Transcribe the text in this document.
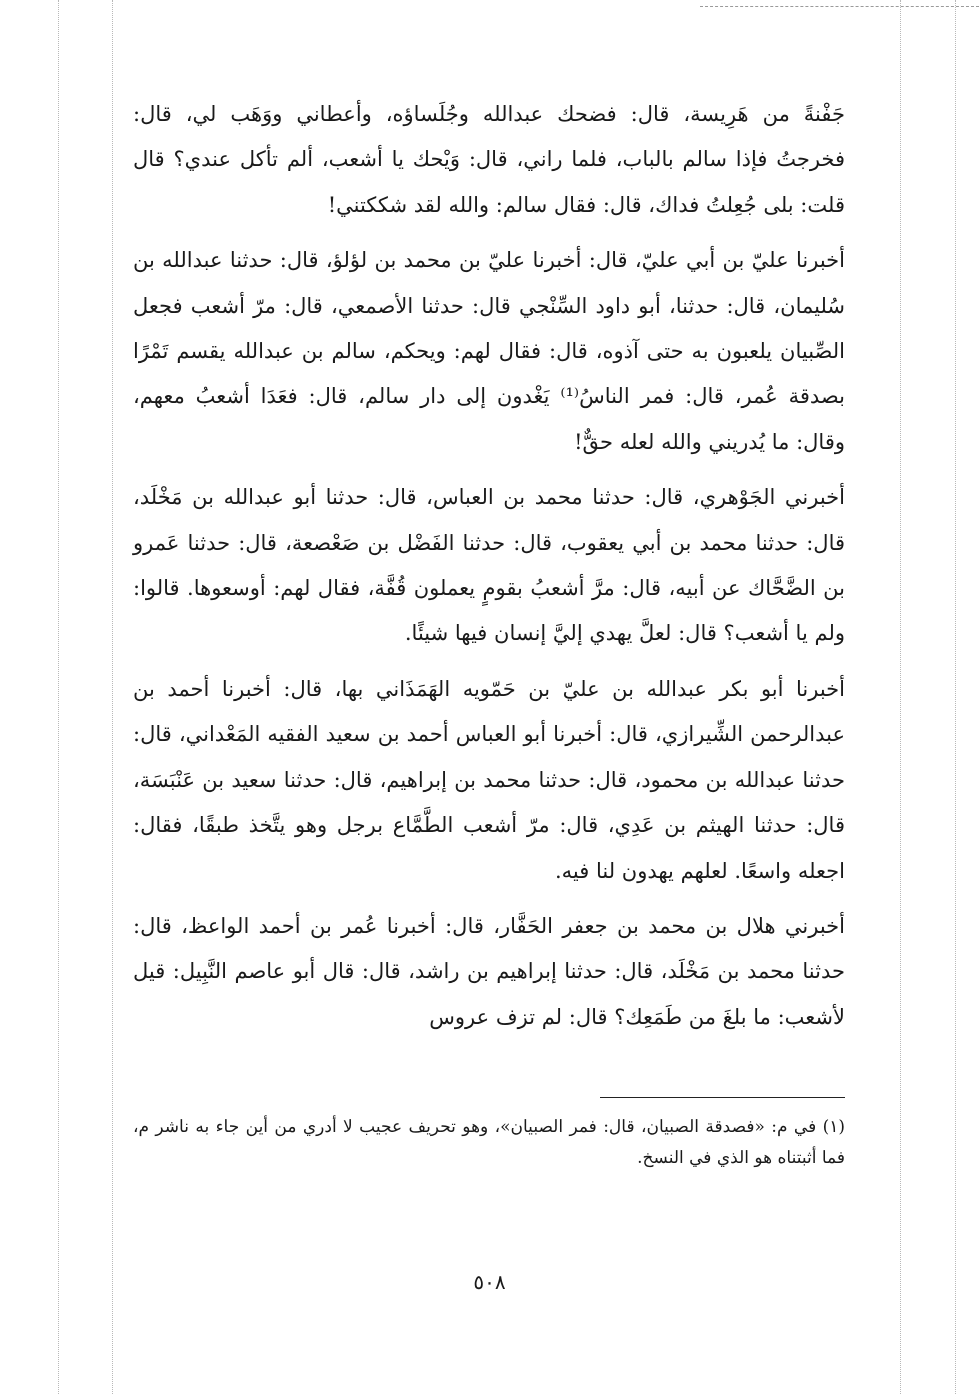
جَفْنةً من هَرِيسة، قال: فضحك عبدالله وجُلَساؤه، وأعطاني ووَهَب لي، قال: فخرجتُ فإذا سالم بالباب، فلما راني، قال: وَيْحك يا أشعب، ألم تأكل عندي؟ قال قلت: بلى جُعِلتُ فداك، قال: فقال سالم: والله لقد شككتني!

أخبرنا عليّ بن أبي عليّ، قال: أخبرنا عليّ بن محمد بن لؤلؤ، قال: حدثنا عبدالله بن سُليمان، قال: حدثنا، أبو داود السِّنْجي قال: حدثنا الأصمعي، قال: مرّ أشعب فجعل الصِّبيان يلعبون به حتى آذوه، قال: فقال لهم: ويحكم، سالم بن عبدالله يقسم تَمْرًا بصدقة عُمر، قال: فمر الناسُ⁽¹⁾ يَغْدون إلى دار سالم، قال: فعَدَا أشعبُ معهم، وقال: ما يُدريني والله لعله حقٌّ!

أخبرني الجَوْهري، قال: حدثنا محمد بن العباس، قال: حدثنا أبو عبدالله بن مَخْلَد، قال: حدثنا محمد بن أبي يعقوب، قال: حدثنا الفَضْل بن صَعْصعة، قال: حدثنا عَمرو بن الضَّحَّاك عن أبيه، قال: مرَّ أشعبُ بقومٍ يعملون قُفَّة، فقال لهم: أوسعوها. قالوا: ولم يا أشعب؟ قال: لعلَّ يهدي إليَّ إنسان فيها شيئًا.

أخبرنا أبو بكر عبدالله بن عليّ بن حَمّويه الهَمَذَاني بها، قال: أخبرنا أحمد بن عبدالرحمن الشِّيرازي، قال: أخبرنا أبو العباس أحمد بن سعيد الفقيه المَعْداني، قال: حدثنا عبدالله بن محمود، قال: حدثنا محمد بن إبراهيم، قال: حدثنا سعيد بن عَنْبَسَة، قال: حدثنا الهيثم بن عَدِي، قال: مرّ أشعب الطَّمَّاع برجل وهو يتَّخذ طبقًا، فقال: اجعله واسعًا. لعلهم يهدون لنا فيه.

أخبرني هلال بن محمد بن جعفر الحَفَّار، قال: أخبرنا عُمر بن أحمد الواعظ، قال: حدثنا محمد بن مَخْلَد، قال: حدثنا إبراهيم بن راشد، قال: قال أبو عاصم النَّبِيل: قيل لأشعب: ما بلغَ من طَمَعِك؟ قال: لم تزف عروس

(١) في م: «فصدقة الصبيان، قال: فمر الصبيان»، وهو تحريف عجيب لا أدري من أين جاء به ناشر م، فما أثبتناه هو الذي في النسخ.

٥٠٨
